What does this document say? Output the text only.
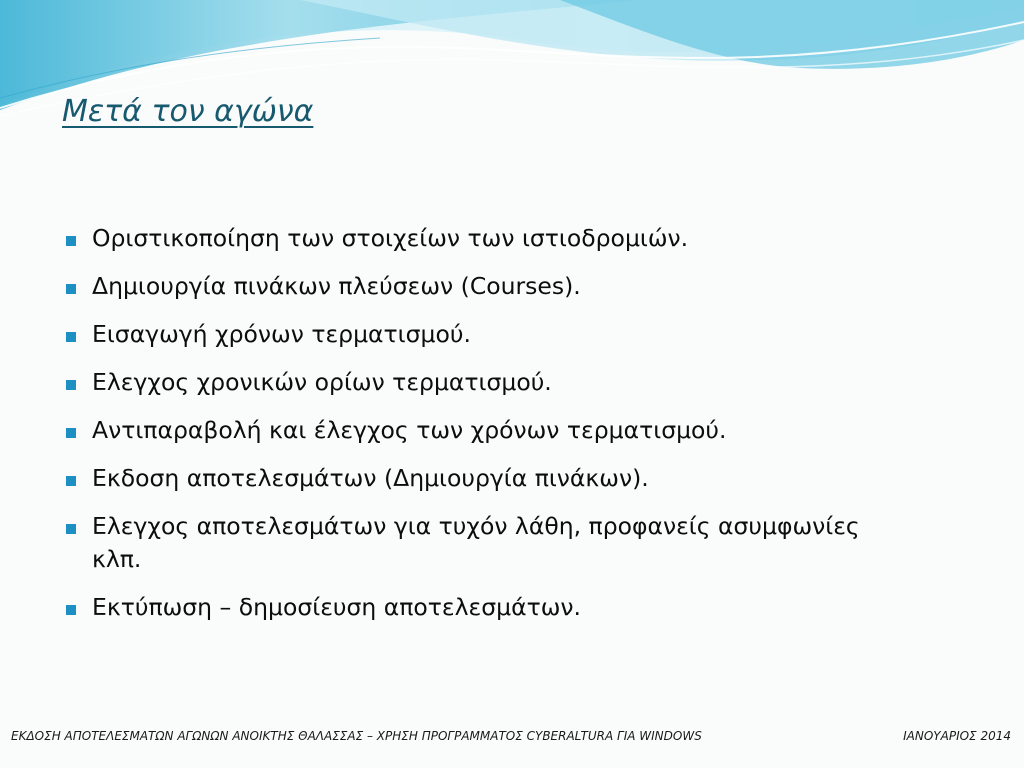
Μετά τον αγώνα
Οριστικοποίηση των στοιχείων των ιστιοδρομιών.
Δημιουργία πινάκων πλεύσεων (Courses).
Εισαγωγή χρόνων τερματισμού.
Ελεγχος χρονικών ορίων τερματισμού.
Αντιπαραβολή και έλεγχος των χρόνων τερματισμού.
Εκδοση αποτελεσμάτων (Δημιουργία πινάκων).
Ελεγχος αποτελεσμάτων για τυχόν λάθη, προφανείς ασυμφωνίες κλπ.
Εκτύπωση – δημοσίευση αποτελεσμάτων.
ΕΚΔΟΣΗ ΑΠΟΤΕΛΕΣΜΑΤΩΝ ΑΓΩΝΩΝ ΑΝΟΙΚΤΗΣ ΘΑΛΑΣΣΑΣ – ΧΡΗΣΗ ΠΡΟΓΡΑΜΜΑΤΟΣ CYBERALTURA ΓΙΑ WINDOWS	ΙΑΝΟΥΑΡΙΟΣ 2014
